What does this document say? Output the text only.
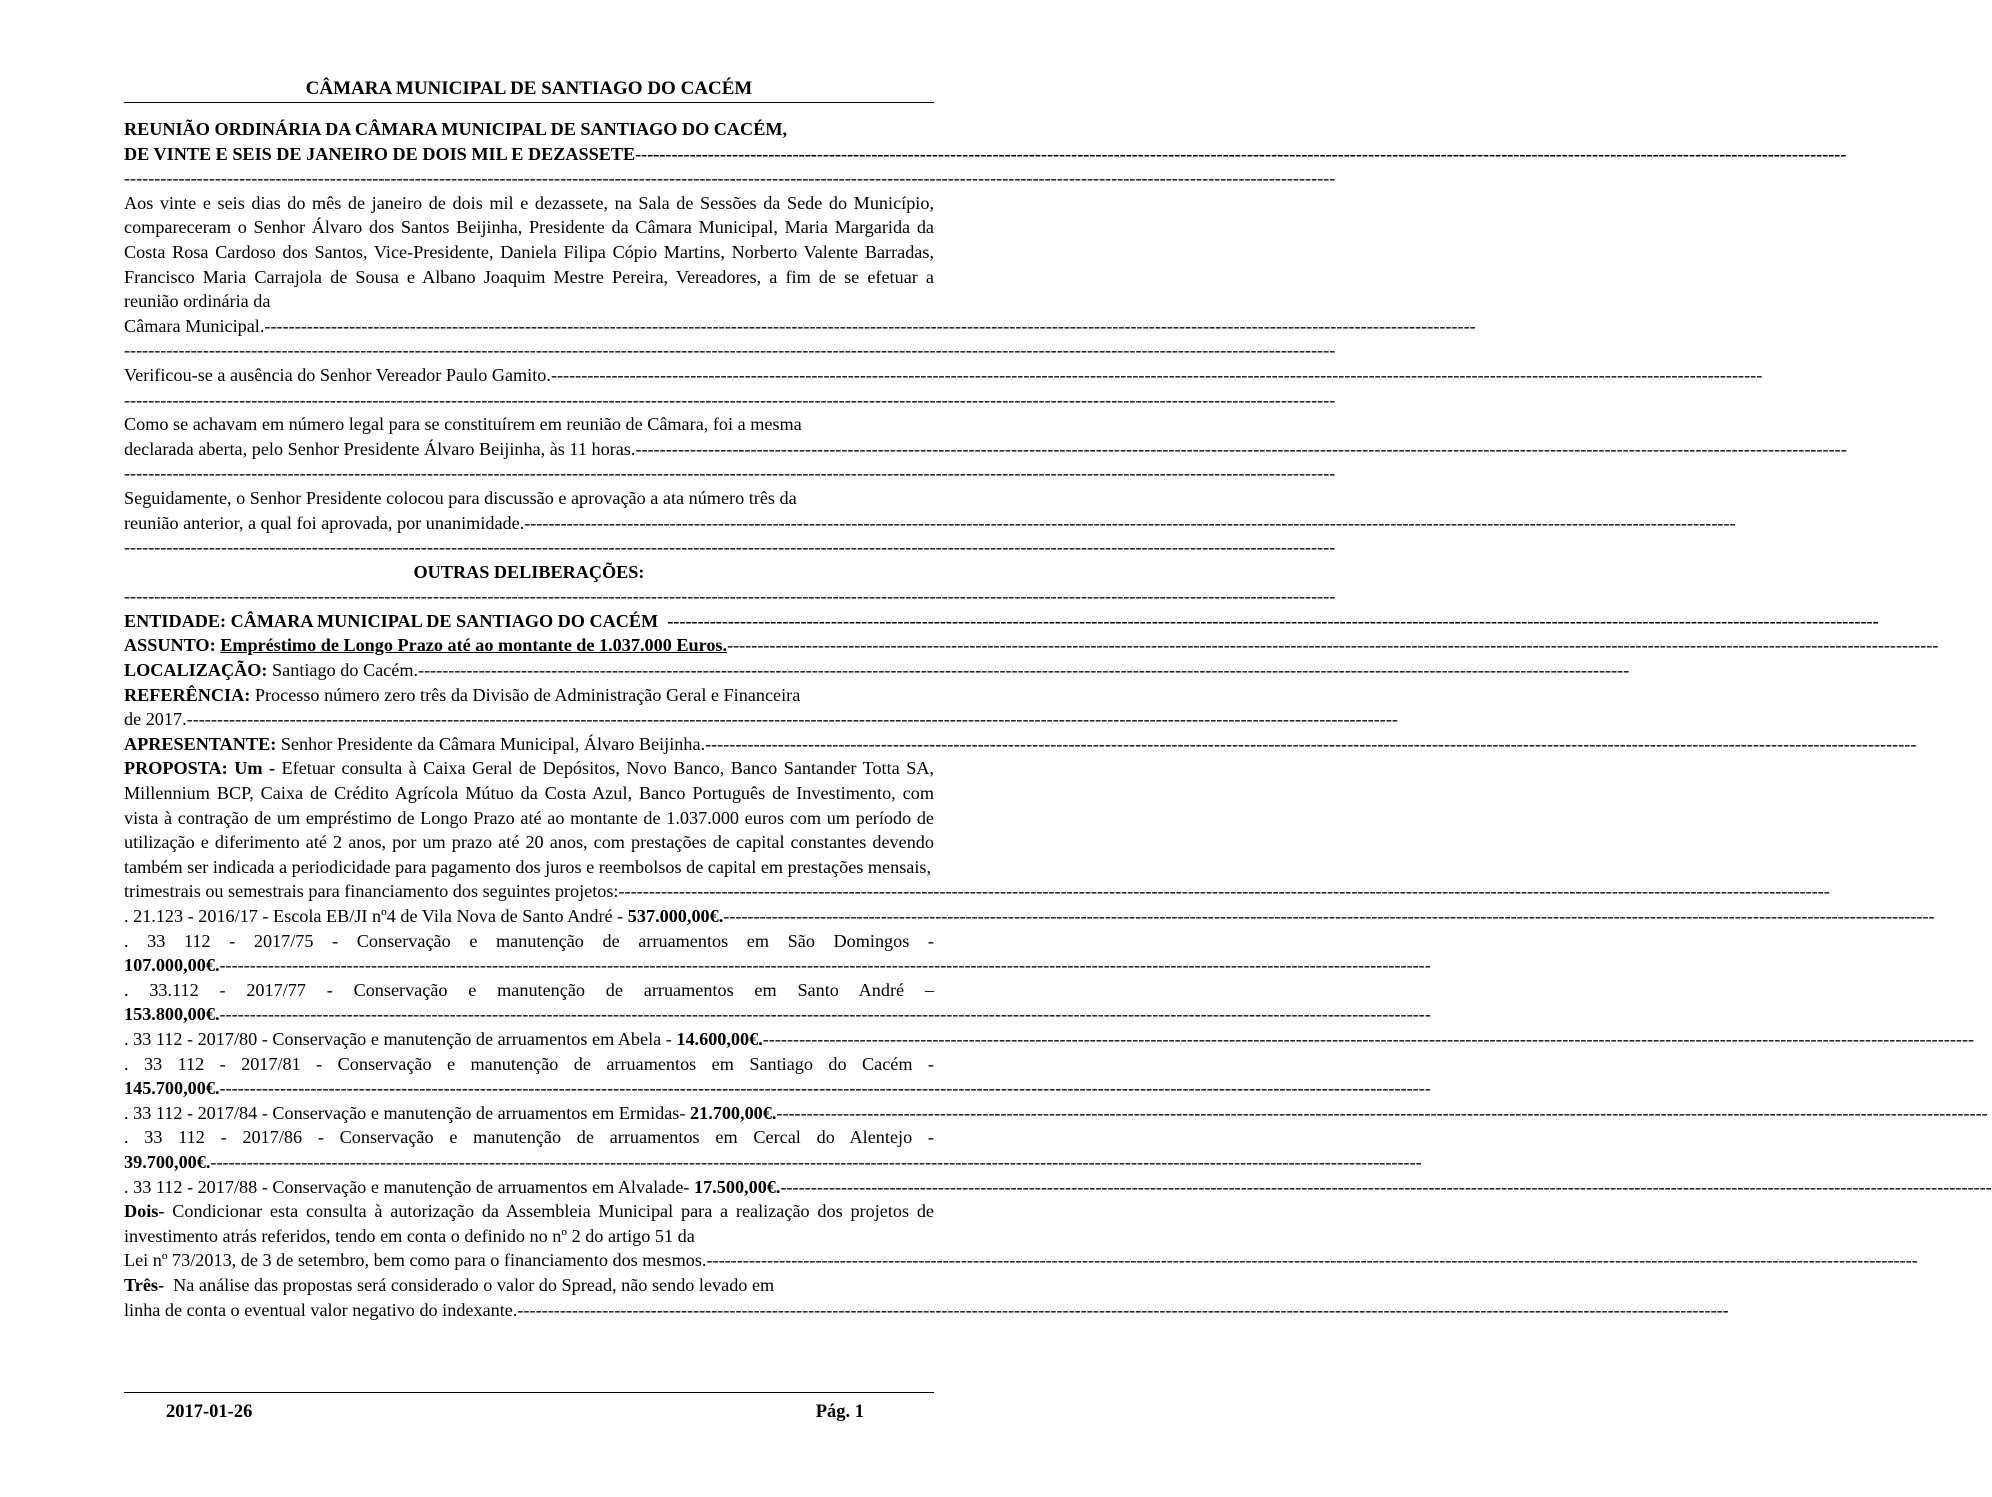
CÂMARA MUNICIPAL DE SANTIAGO DO CACÉM

REUNIÃO ORDINÁRIA DA CÂMARA MUNICIPAL DE SANTIAGO DO CACÉM,

DE VINTE E SEIS DE JANEIRO DE DOIS MIL E DEZASSETE --------------------------------------------------------------------------------------------------------------------------------------------------------------------------------------------------------
--------------------------------------------------------------------------------------------------------------------------------------------------------------------------------------------------------

Aos vinte e seis dias do mês de janeiro de dois mil e dezassete, na Sala de Sessões da Sede do Município, compareceram o Senhor Álvaro dos Santos Beijinha, Presidente da Câmara Municipal, Maria Margarida da Costa Rosa Cardoso dos Santos, Vice-Presidente, Daniela Filipa Cópio Martins, Norberto Valente Barradas, Francisco Maria Carrajola de Sousa e Albano Joaquim Mestre Pereira, Vereadores, a fim de se efetuar a reunião ordinária da

Câmara Municipal. --------------------------------------------------------------------------------------------------------------------------------------------------------------------------------------------------------
--------------------------------------------------------------------------------------------------------------------------------------------------------------------------------------------------------
Verificou-se a ausência do Senhor Vereador Paulo Gamito. --------------------------------------------------------------------------------------------------------------------------------------------------------------------------------------------------------
--------------------------------------------------------------------------------------------------------------------------------------------------------------------------------------------------------

Como se achavam em número legal para se constituírem em reunião de Câmara, foi a mesma

declarada aberta, pelo Senhor Presidente Álvaro Beijinha, às 11 horas. --------------------------------------------------------------------------------------------------------------------------------------------------------------------------------------------------------
--------------------------------------------------------------------------------------------------------------------------------------------------------------------------------------------------------

Seguidamente, o Senhor Presidente colocou para discussão e aprovação a ata número três da

reunião anterior, a qual foi aprovada, por unanimidade. --------------------------------------------------------------------------------------------------------------------------------------------------------------------------------------------------------
--------------------------------------------------------------------------------------------------------------------------------------------------------------------------------------------------------

OUTRAS DELIBERAÇÕES:

--------------------------------------------------------------------------------------------------------------------------------------------------------------------------------------------------------
ENTIDADE: CÂMARA MUNICIPAL DE SANTIAGO DO CACÉM --------------------------------------------------------------------------------------------------------------------------------------------------------------------------------------------------------
ASSUNTO: Empréstimo de Longo Prazo até ao montante de 1.037.000 Euros. --------------------------------------------------------------------------------------------------------------------------------------------------------------------------------------------------------
LOCALIZAÇÃO: Santiago do Cacém. --------------------------------------------------------------------------------------------------------------------------------------------------------------------------------------------------------

REFERÊNCIA: Processo número zero três da Divisão de Administração Geral e Financeira

de 2017. --------------------------------------------------------------------------------------------------------------------------------------------------------------------------------------------------------
APRESENTANTE: Senhor Presidente da Câmara Municipal, Álvaro Beijinha. --------------------------------------------------------------------------------------------------------------------------------------------------------------------------------------------------------

PROPOSTA: Um - Efetuar consulta à Caixa Geral de Depósitos, Novo Banco, Banco Santander Totta SA, Millennium BCP, Caixa de Crédito Agrícola Mútuo da Costa Azul, Banco Português de Investimento, com vista à contração de um empréstimo de Longo Prazo até ao montante de 1.037.000 euros com um período de utilização e diferimento até 2 anos, por um prazo até 20 anos, com prestações de capital constantes devendo também ser indicada a periodicidade para pagamento dos juros e reembolsos de capital em prestações mensais,

trimestrais ou semestrais para financiamento dos seguintes projetos: --------------------------------------------------------------------------------------------------------------------------------------------------------------------------------------------------------
. 21.123 - 2016/17 - Escola EB/JI nº4 de Vila Nova de Santo André - 537.000,00€. --------------------------------------------------------------------------------------------------------------------------------------------------------------------------------------------------------

. 33 112 - 2017/75 - Conservação e manutenção de arruamentos em São Domingos -

107.000,00€. --------------------------------------------------------------------------------------------------------------------------------------------------------------------------------------------------------

. 33.112 - 2017/77 - Conservação e manutenção de arruamentos em Santo André –

153.800,00€. --------------------------------------------------------------------------------------------------------------------------------------------------------------------------------------------------------
. 33 112 - 2017/80 - Conservação e manutenção de arruamentos em Abela - 14.600,00€. --------------------------------------------------------------------------------------------------------------------------------------------------------------------------------------------------------

. 33 112 - 2017/81 - Conservação e manutenção de arruamentos em Santiago do Cacém -

145.700,00€. --------------------------------------------------------------------------------------------------------------------------------------------------------------------------------------------------------
. 33 112 - 2017/84 - Conservação e manutenção de arruamentos em Ermidas- 21.700,00€. --------------------------------------------------------------------------------------------------------------------------------------------------------------------------------------------------------

. 33 112 - 2017/86 - Conservação e manutenção de arruamentos em Cercal do Alentejo -

39.700,00€. --------------------------------------------------------------------------------------------------------------------------------------------------------------------------------------------------------
. 33 112 - 2017/88 - Conservação e manutenção de arruamentos em Alvalade- 17.500,00€. --------------------------------------------------------------------------------------------------------------------------------------------------------------------------------------------------------

Dois- Condicionar esta consulta à autorização da Assembleia Municipal para a realização dos projetos de investimento atrás referidos, tendo em conta o definido no nº 2 do artigo 51 da

Lei nº 73/2013, de 3 de setembro, bem como para o financiamento dos mesmos. --------------------------------------------------------------------------------------------------------------------------------------------------------------------------------------------------------

Três- Na análise das propostas será considerado o valor do Spread, não sendo levado em

linha de conta o eventual valor negativo do indexante. --------------------------------------------------------------------------------------------------------------------------------------------------------------------------------------------------------
2017-01-26	Pág. 1
